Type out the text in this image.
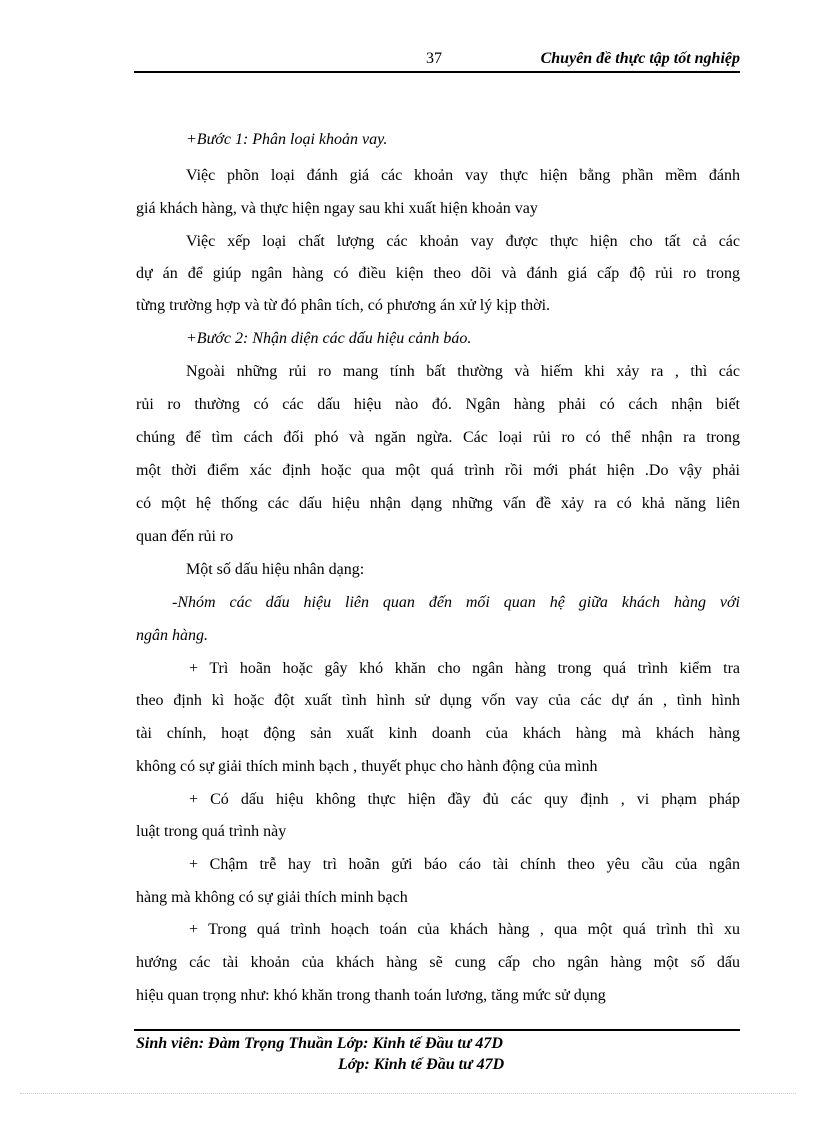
37	Chuyên đề thực tập tốt nghiệp
+Bước 1: Phân loại khoản vay.
Việc phõn loại đánh giá các khoản vay thực hiện bằng phần mềm đánh
giá khách hàng, và thực hiện ngay sau khi xuất hiện khoản vay
Việc xếp loại chất lượng các khoản vay được thực hiện cho tất cả các
dự án để giúp ngân hàng có điều kiện theo dõi và đánh giá cấp độ rủi ro trong
từng trường hợp và từ đó phân tích, có phương án xử lý kịp thời.
+Bước 2: Nhận diện các dấu hiệu cảnh báo.
Ngoài những rủi ro mang tính bất thường và hiếm khi xảy ra , thì các
rủi ro thường có các dấu hiệu nào đó. Ngân hàng phải có cách nhận biết
chúng để tìm cách đối phó và ngăn ngừa. Các loại rủi ro có thể nhận ra trong
một thời điểm xác định hoặc qua một quá trình rồi mới phát hiện .Do vậy phải
có một hệ thống các dấu hiệu nhận dạng những vấn đề xảy ra có khả năng liên
quan đến rủi ro
Một số dấu hiệu nhân dạng:
-Nhóm các dấu hiệu liên quan đến mối quan hệ giữa khách hàng với
ngân hàng.
+ Trì hoãn hoặc gây khó khăn cho ngân hàng trong quá trình kiểm tra
theo định kì hoặc đột xuất tình hình sử dụng vốn vay của các dự án , tình hình
tài chính, hoạt động sản xuất kinh doanh của khách hàng mà khách hàng
không có sự giải thích minh bạch , thuyết phục cho hành động của mình
+ Có dấu hiệu không thực hiện đầy đủ các quy định , vi phạm pháp
luật trong quá trình này
+ Chậm trễ hay trì hoãn gửi báo cáo tài chính theo yêu cầu của ngân
hàng mà không có sự giải thích minh bạch
+ Trong quá trình hoạch toán của khách hàng , qua một quá trình thì xu
hướng các tài khoản của khách hàng sẽ cung cấp cho ngân hàng một số dấu
hiệu quan trọng như: khó khăn trong thanh toán lương, tăng mức sử dụng
Sinh viên: Đàm Trọng Thuần Lớp: Kinh tế Đầu tư 47D
Lớp: Kinh tế Đầu tư 47D
